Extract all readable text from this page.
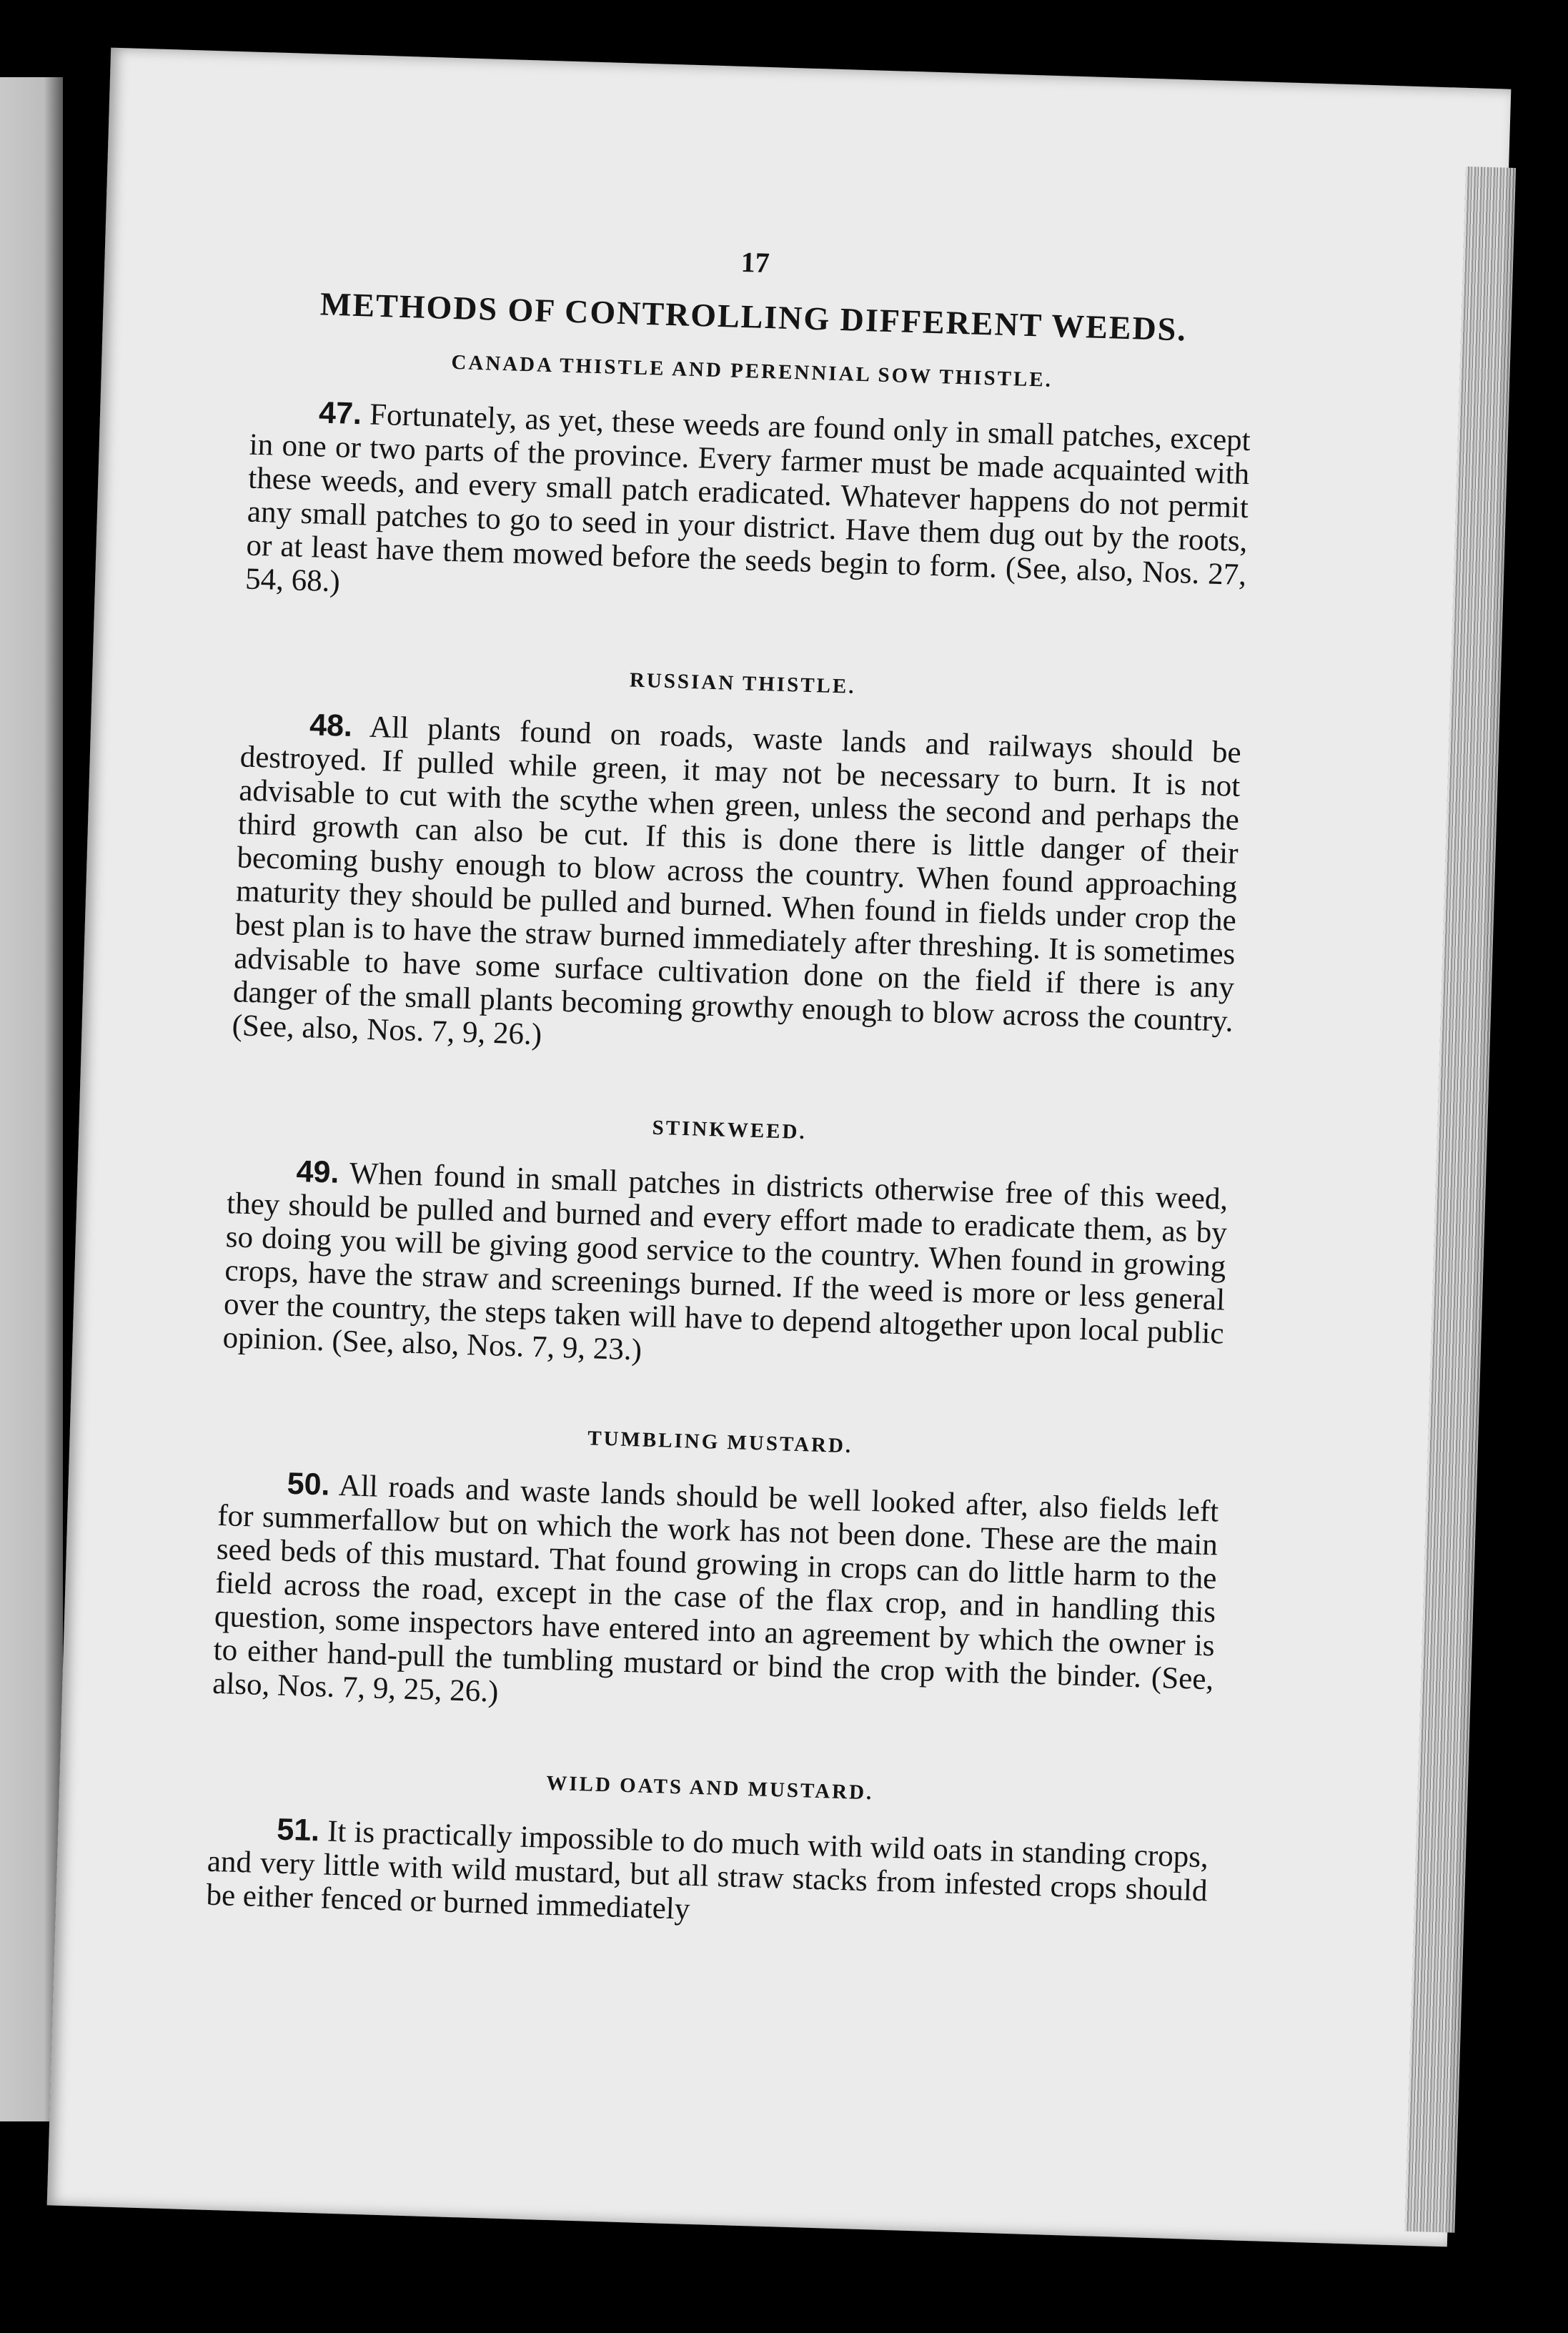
17
METHODS OF CONTROLLING DIFFERENT WEEDS.
CANADA THISTLE AND PERENNIAL SOW THISTLE.

47. Fortunately, as yet, these weeds are found only in small patches, except in one or two parts of the province. Every farmer must be made acquainted with these weeds, and every small patch eradicated. Whatever happens do not permit any small patches to go to seed in your district. Have them dug out by the roots, or at least have them mowed before the seeds begin to form. (See, also, Nos. 27, 54, 68.)

RUSSIAN THISTLE.

48. All plants found on roads, waste lands and railways should be destroyed. If pulled while green, it may not be necessary to burn. It is not advisable to cut with the scythe when green, unless the second and perhaps the third growth can also be cut. If this is done there is little danger of their becoming bushy enough to blow across the country. When found approaching maturity they should be pulled and burned. When found in fields under crop the best plan is to have the straw burned immediately after threshing. It is sometimes advisable to have some surface cultivation done on the field if there is any danger of the small plants becoming growthy enough to blow across the country. (See, also, Nos. 7, 9, 26.)

STINKWEED.

49. When found in small patches in districts otherwise free of this weed, they should be pulled and burned and every effort made to eradicate them, as by so doing you will be giving good service to the country. When found in growing crops, have the straw and screenings burned. If the weed is more or less general over the country, the steps taken will have to depend altogether upon local public opinion. (See, also, Nos. 7, 9, 23.)

TUMBLING MUSTARD.

50. All roads and waste lands should be well looked after, also fields left for summerfallow but on which the work has not been done. These are the main seed beds of this mustard. That found growing in crops can do little harm to the field across the road, except in the case of the flax crop, and in handling this question, some inspectors have entered into an agreement by which the owner is to either hand-pull the tumbling mustard or bind the crop with the binder. (See, also, Nos. 7, 9, 25, 26.)

WILD OATS AND MUSTARD.

51. It is practically impossible to do much with wild oats in standing crops, and very little with wild mustard, but all straw stacks from infested crops should be either fenced or burned immediately
